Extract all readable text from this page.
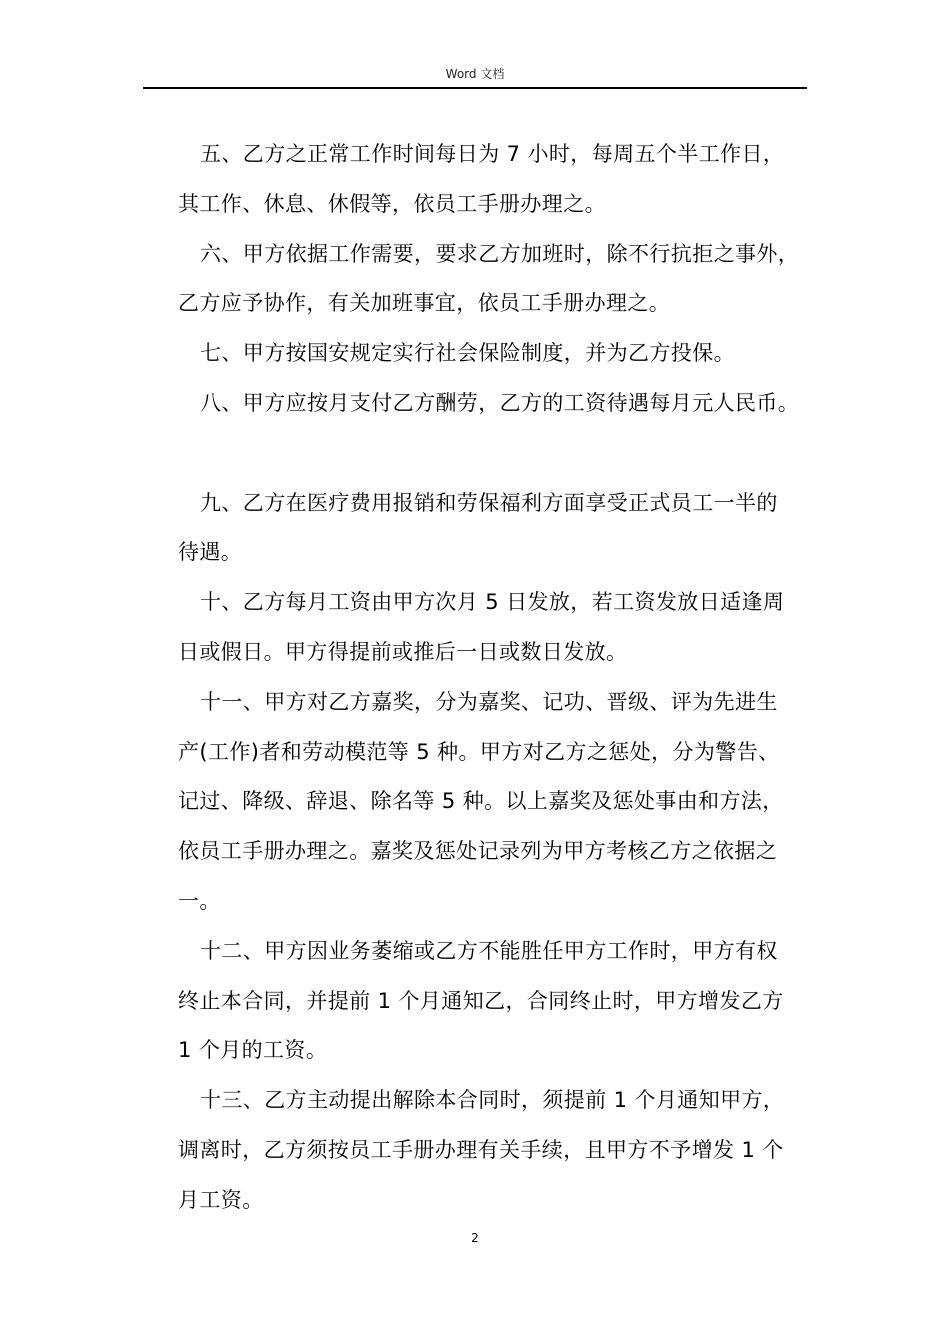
Word 文档

五、乙方之正常工作时间每日为 7 小时，每周五个半工作日，

其工作、休息、休假等，依员工手册办理之。

六、甲方依据工作需要，要求乙方加班时，除不行抗拒之事外，

乙方应予协作，有关加班事宜，依员工手册办理之。

七、甲方按国安规定实行社会保险制度，并为乙方投保。

八、甲方应按月支付乙方酬劳，乙方的工资待遇每月元人民币。

九、乙方在医疗费用报销和劳保福利方面享受正式员工一半的

待遇。

十、乙方每月工资由甲方次月 5 日发放，若工资发放日适逢周

日或假日。甲方得提前或推后一日或数日发放。

十一、甲方对乙方嘉奖，分为嘉奖、记功、晋级、评为先进生

产(工作)者和劳动模范等 5 种。甲方对乙方之惩处，分为警告、

记过、降级、辞退、除名等 5 种。以上嘉奖及惩处事由和方法，

依员工手册办理之。嘉奖及惩处记录列为甲方考核乙方之依据之

一。

十二、甲方因业务萎缩或乙方不能胜任甲方工作时，甲方有权

终止本合同，并提前 1 个月通知乙，合同终止时，甲方增发乙方

1 个月的工资。

十三、乙方主动提出解除本合同时，须提前 1 个月通知甲方，

调离时，乙方须按员工手册办理有关手续，且甲方不予增发 1 个

月工资。

2
